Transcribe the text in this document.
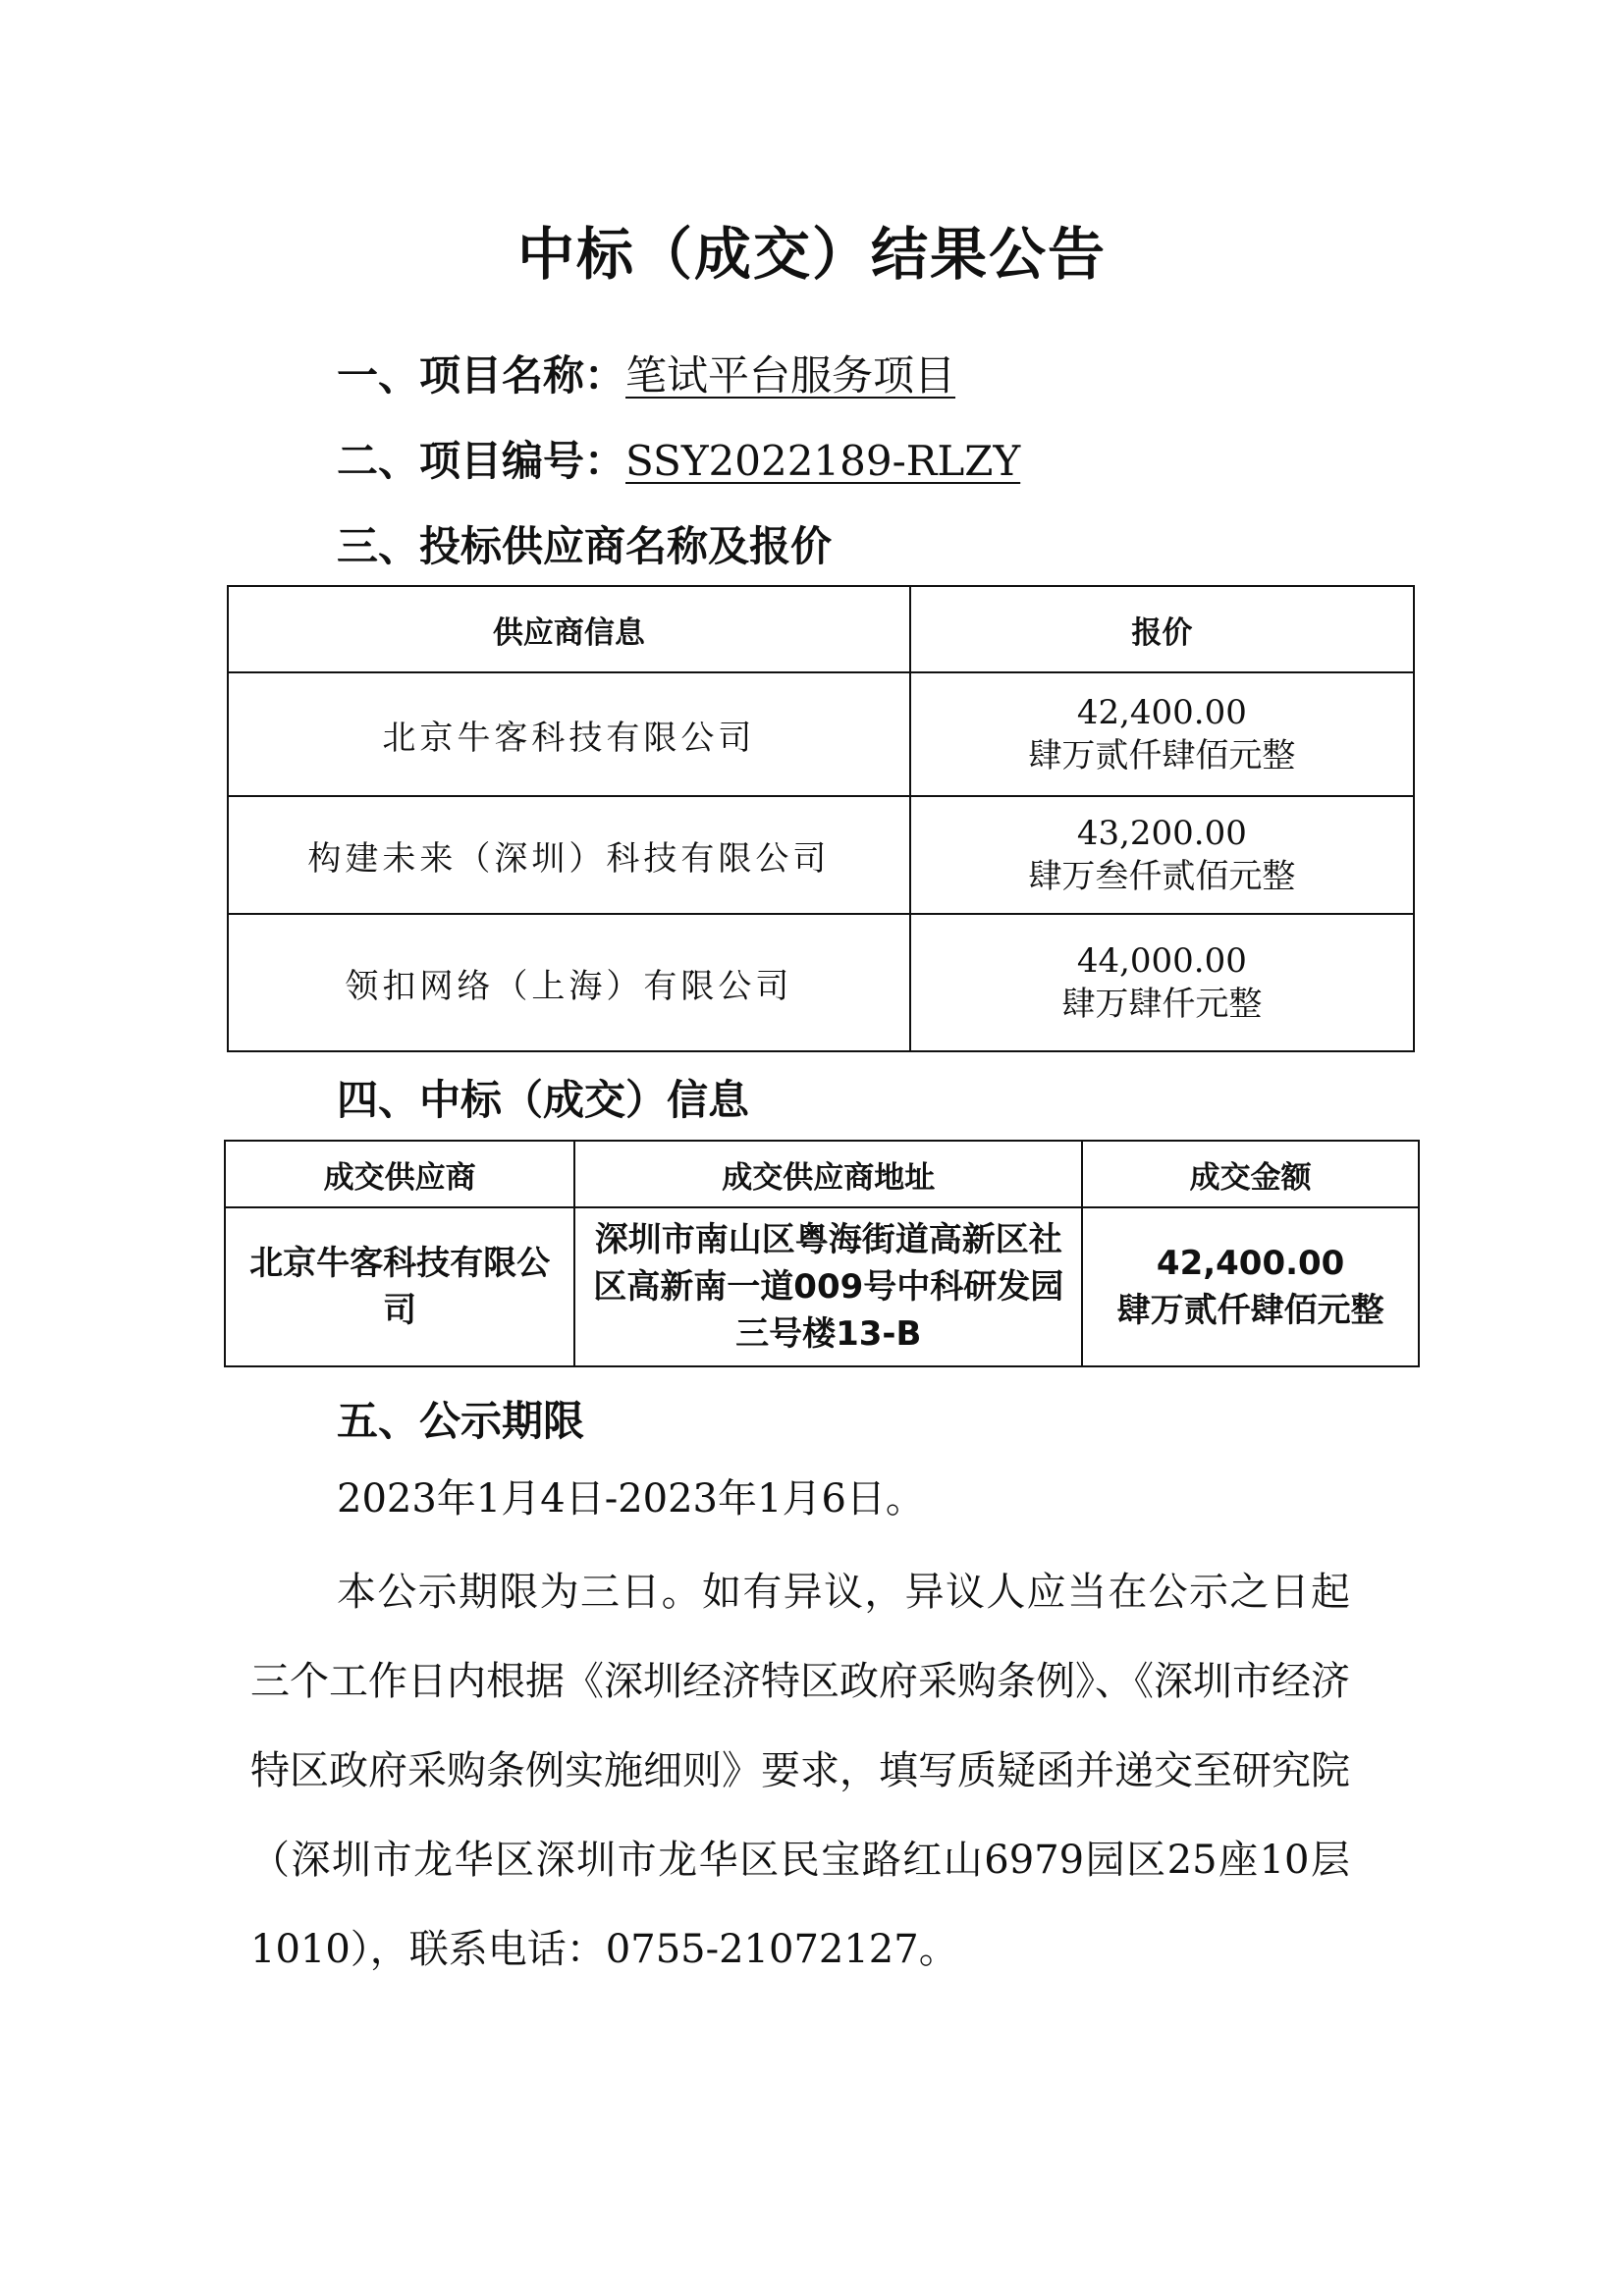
中标（成交）结果公告
一、项目名称：笔试平台服务项目
二、项目编号：SSY2022189-RLZY
三、投标供应商名称及报价
供应商信息	报价
北京牛客科技有限公司	42,400.00
肆万贰仟肆佰元整

构建未来（深圳）科技有限公司	43,200.00
肆万叁仟贰佰元整

领扣网络（上海）有限公司	44,000.00
肆万肆仟元整
四、中标（成交）信息
成交供应商	成交供应商地址	成交金额
北京牛客科技有限公司	深圳市南山区粤海街道高新区社区高新南一道009号中科研发园三号楼13-B	42,400.00
肆万贰仟肆佰元整
五、公示期限
2023年1月4日-2023年1月6日。
本公示期限为三日。如有异议，异议人应当在公示之日起三个工作日内根据《深圳经济特区政府采购条例》、《深圳市经济特区政府采购条例实施细则》要求，填写质疑函并递交至研究院（深圳市龙华区深圳市龙华区民宝路红山6979园区25座10层1010），联系电话：0755-21072127。
